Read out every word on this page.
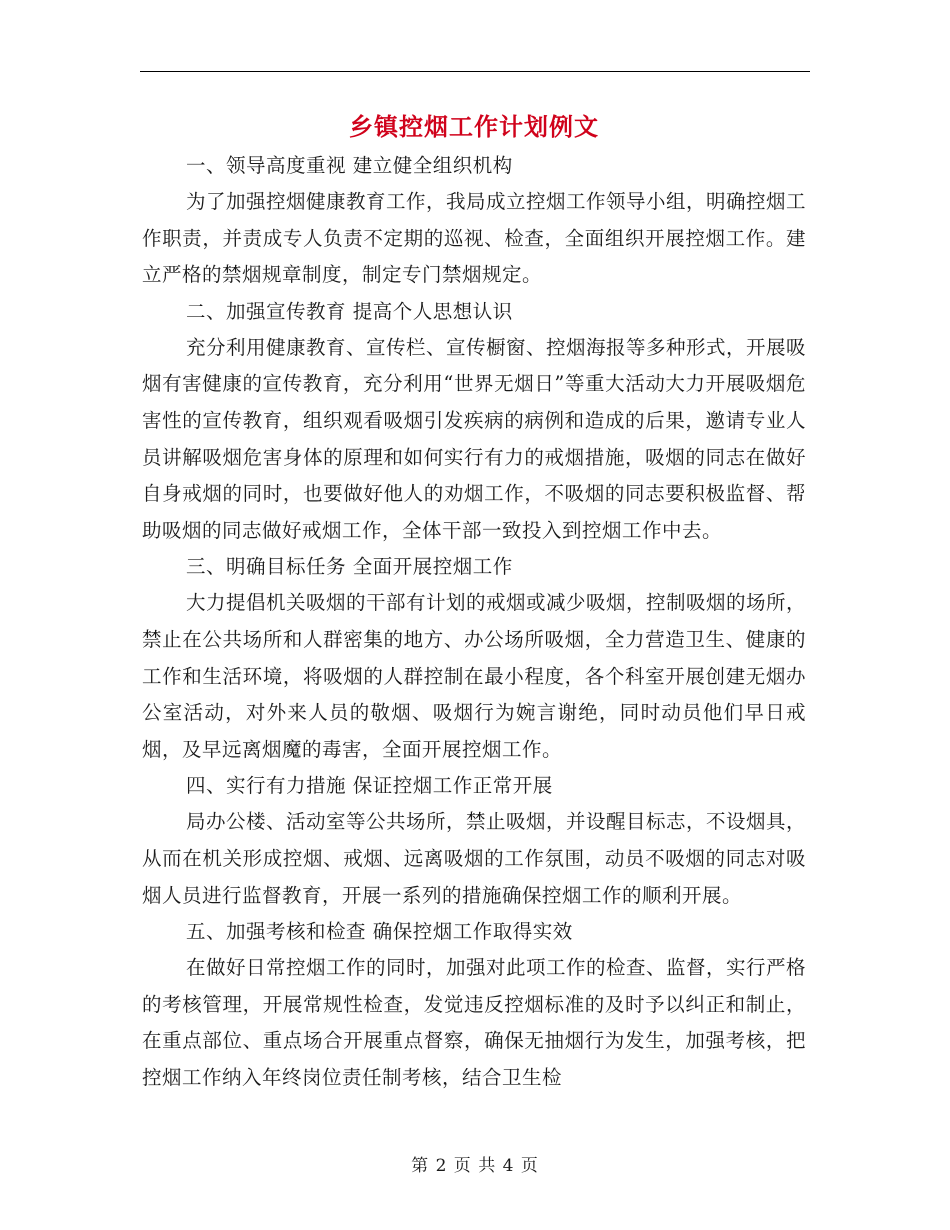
乡镇控烟工作计划例文

一、领导高度重视 建立健全组织机构

为了加强控烟健康教育工作，我局成立控烟工作领导小组，明确控烟工作职责，并责成专人负责不定期的巡视、检查，全面组织开展控烟工作。建立严格的禁烟规章制度，制定专门禁烟规定。

二、加强宣传教育 提高个人思想认识

充分利用健康教育、宣传栏、宣传橱窗、控烟海报等多种形式，开展吸烟有害健康的宣传教育，充分利用“世界无烟日”等重大活动大力开展吸烟危害性的宣传教育，组织观看吸烟引发疾病的病例和造成的后果，邀请专业人员讲解吸烟危害身体的原理和如何实行有力的戒烟措施，吸烟的同志在做好自身戒烟的同时，也要做好他人的劝烟工作，不吸烟的同志要积极监督、帮助吸烟的同志做好戒烟工作，全体干部一致投入到控烟工作中去。

三、明确目标任务 全面开展控烟工作

大力提倡机关吸烟的干部有计划的戒烟或减少吸烟，控制吸烟的场所，禁止在公共场所和人群密集的地方、办公场所吸烟，全力营造卫生、健康的工作和生活环境，将吸烟的人群控制在最小程度，各个科室开展创建无烟办公室活动，对外来人员的敬烟、吸烟行为婉言谢绝，同时动员他们早日戒烟，及早远离烟魔的毒害，全面开展控烟工作。

四、实行有力措施 保证控烟工作正常开展

局办公楼、活动室等公共场所，禁止吸烟，并设醒目标志，不设烟具，从而在机关形成控烟、戒烟、远离吸烟的工作氛围，动员不吸烟的同志对吸烟人员进行监督教育，开展一系列的措施确保控烟工作的顺利开展。

五、加强考核和检查 确保控烟工作取得实效

在做好日常控烟工作的同时，加强对此项工作的检查、监督，实行严格的考核管理，开展常规性检查，发觉违反控烟标准的及时予以纠正和制止，在重点部位、重点场合开展重点督察，确保无抽烟行为发生，加强考核，把控烟工作纳入年终岗位责任制考核，结合卫生检

第 2 页 共 4 页
